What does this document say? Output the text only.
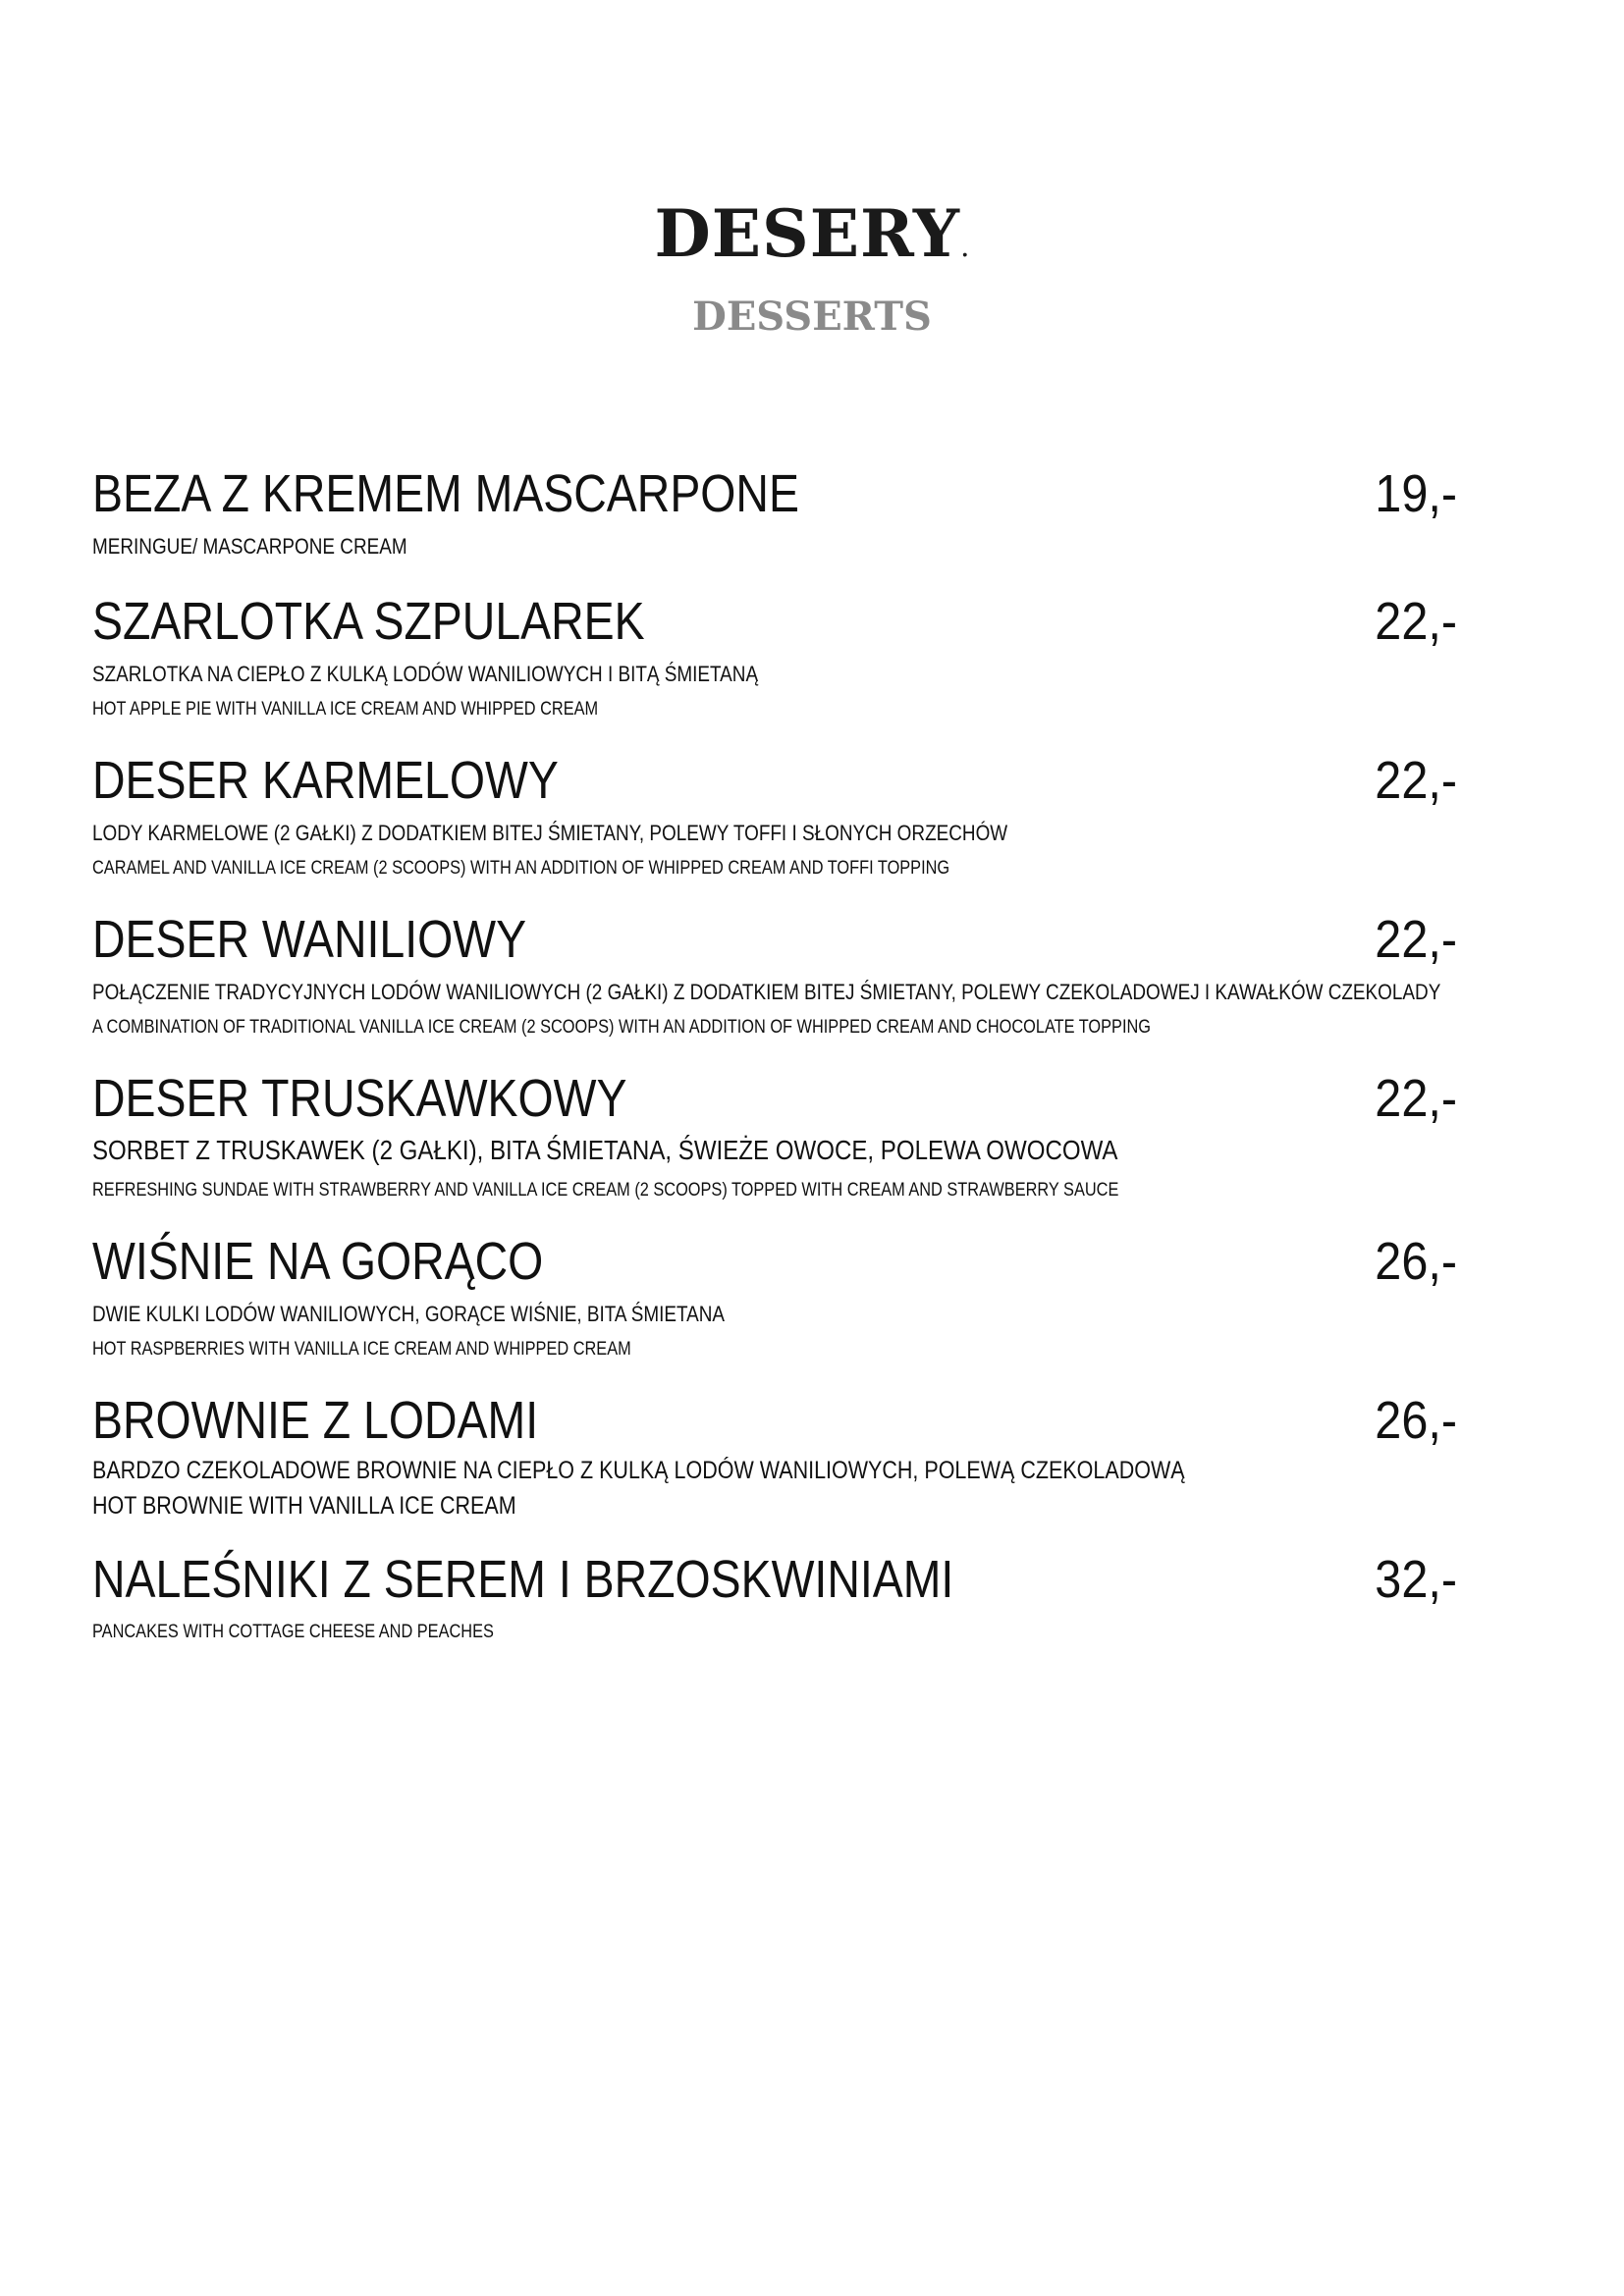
DESERY.
DESSERTS
BEZA Z KREMEM MASCARPONE	19,-
MERINGUE/ MASCARPONE CREAM
SZARLOTKA SZPULAREK	22,-
SZARLOTKA NA CIEPŁO Z KULKĄ LODÓW WANILIOWYCH I BITĄ ŚMIETANĄ
HOT APPLE PIE WITH VANILLA ICE CREAM AND WHIPPED CREAM
DESER KARMELOWY	22,-
LODY KARMELOWE (2 GAŁKI) Z DODATKIEM BITEJ ŚMIETANY, POLEWY TOFFI I SŁONYCH ORZECHÓW
CARAMEL AND VANILLA ICE CREAM (2 SCOOPS) WITH AN ADDITION OF WHIPPED CREAM AND TOFFI TOPPING
DESER WANILIOWY	22,-
POŁĄCZENIE TRADYCYJNYCH LODÓW WANILIOWYCH (2 GAŁKI) Z DODATKIEM BITEJ ŚMIETANY, POLEWY CZEKOLADOWEJ I KAWAŁKÓW CZEKOLADY
A COMBINATION OF TRADITIONAL VANILLA ICE CREAM (2 SCOOPS) WITH AN ADDITION OF WHIPPED CREAM AND CHOCOLATE TOPPING
DESER TRUSKAWKOWY	22,-
SORBET Z TRUSKAWEK (2 GAŁKI), BITA ŚMIETANA, ŚWIEŻE OWOCE, POLEWA OWOCOWA
REFRESHING SUNDAE WITH STRAWBERRY AND VANILLA ICE CREAM (2 SCOOPS) TOPPED WITH CREAM AND STRAWBERRY SAUCE
WIŚNIE NA GORĄCO	26,-
DWIE KULKI LODÓW WANILIOWYCH, GORĄCE WIŚNIE, BITA ŚMIETANA
HOT RASPBERRIES WITH VANILLA ICE CREAM AND WHIPPED CREAM
BROWNIE Z LODAMI	26,-
BARDZO CZEKOLADOWE BROWNIE NA CIEPŁO Z KULKĄ LODÓW WANILIOWYCH, POLEWĄ CZEKOLADOWĄ
HOT BROWNIE WITH VANILLA ICE CREAM
NALEŚNIKI Z SEREM I BRZOSKWINIAMI	32,-
PANCAKES WITH COTTAGE CHEESE AND PEACHES
